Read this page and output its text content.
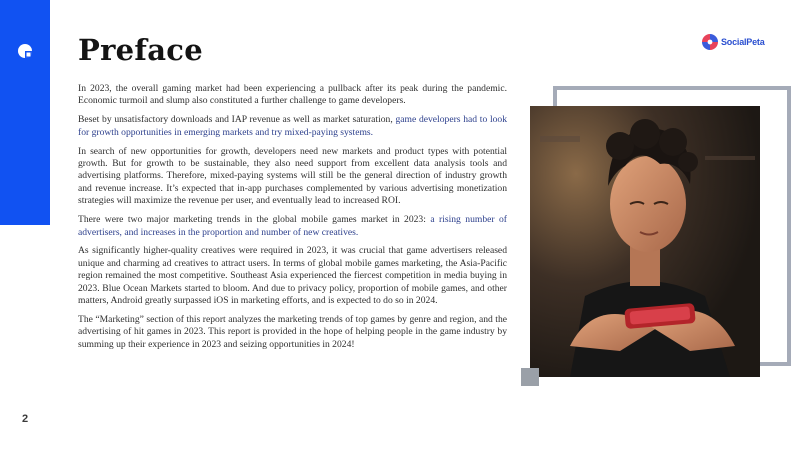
2
Preface	SocialPeta

In 2023, the overall gaming market had been experiencing a pullback after its peak during the pandemic. Economic turmoil and slump also constituted a further challenge to game developers.

Beset by unsatisfactory downloads and IAP revenue as well as market saturation, game developers had to look for growth opportunities in emerging markets and try mixed-paying systems.

In search of new opportunities for growth, developers need new markets and product types with potential growth. But for growth to be sustainable, they also need support from excellent data analysis tools and advertising platforms. Therefore, mixed-paying systems will still be the general direction of industry growth and revenue increase. It’s expected that in-app purchases complemented by various advertising monetization strategies will maximize the revenue per user, and eventually lead to increased ROI.

There were two major marketing trends in the global mobile games market in 2023: a rising number of advertisers, and increases in the proportion and number of new creatives.

As significantly higher-quality creatives were required in 2023, it was crucial that game advertisers released unique and charming ad creatives to attract users. In terms of global mobile games marketing, the Asia-Pacific region remained the most competitive. Southeast Asia experienced the fiercest competition in media buying in 2023. Blue Ocean Markets started to bloom. And due to privacy policy, proportion of mobile games, and other matters, Android greatly surpassed iOS in marketing efforts, and is expected to do so in 2024.

The “Marketing” section of this report analyzes the marketing trends of top games by genre and region, and the advertising of hit games in 2023. This report is provided in the hope of helping people in the game industry by summing up their experience in 2023 and seizing opportunities in 2024!
